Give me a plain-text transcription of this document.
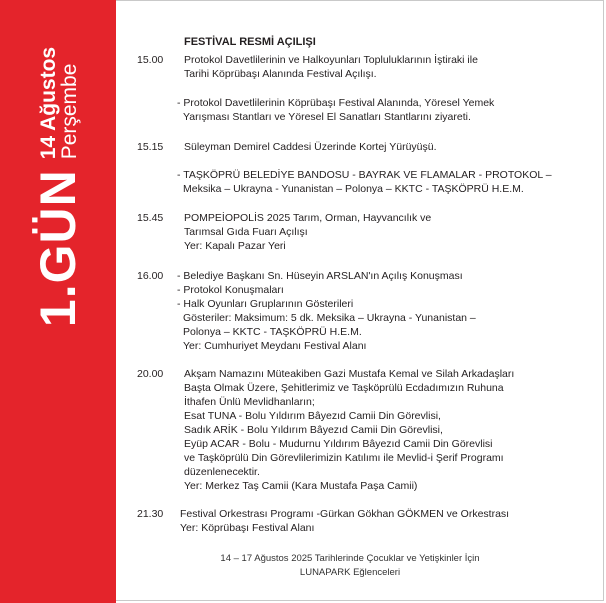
1.GÜN
14 Ağustos
Perşembe
FESTİVAL RESMİ AÇILIŞI
15.00 Protokol Davetlilerinin ve Halkoyunları Topluluklarının İştiraki ile
Tarihi Köprübaşı Alanında Festival Açılışı.
- Protokol Davetlilerinin Köprübaşı Festival Alanında, Yöresel Yemek
Yarışması Stantları ve Yöresel El Sanatları Stantlarını ziyareti.
15.15 Süleyman Demirel Caddesi Üzerinde Kortej Yürüyüşü.
- TAŞKÖPRÜ BELEDİYE BANDOSU - BAYRAK VE FLAMALAR - PROTOKOL –
Meksika – Ukrayna - Yunanistan – Polonya – KKTC - TAŞKÖPRÜ H.E.M.
15.45 POMPEİOPOLİS 2025 Tarım, Orman, Hayvancılık ve
Tarımsal Gıda Fuarı Açılışı
Yer: Kapalı Pazar Yeri
16.00 - Belediye Başkanı Sn. Hüseyin ARSLAN'ın Açılış Konuşması
- Protokol Konuşmaları
- Halk Oyunları Gruplarının Gösterileri
Gösteriler: Maksimum: 5 dk. Meksika – Ukrayna - Yunanistan –
Polonya – KKTC - TAŞKÖPRÜ H.E.M.
Yer: Cumhuriyet Meydanı Festival Alanı
20.00 Akşam Namazını Müteakiben Gazi Mustafa Kemal ve Silah Arkadaşları
Başta Olmak Üzere, Şehitlerimiz ve Taşköprülü Ecdadımızın Ruhuna
İthafen Ünlü Mevlidhanların;
Esat TUNA - Bolu Yıldırım Bâyezıd Camii Din Görevlisi,
Sadık ARİK - Bolu Yıldırım Bâyezıd Camii Din Görevlisi,
Eyüp ACAR - Bolu - Mudurnu Yıldırım Bâyezıd Camii Din Görevlisi
ve Taşköprülü Din Görevlilerimizin Katılımı ile Mevlid-i Şerif Programı
düzenlenecektir.
Yer: Merkez Taş Camii (Kara Mustafa Paşa Camii)
21.30 Festival Orkestrası Programı -Gürkan Gökhan GÖKMEN ve Orkestrası
Yer: Köprübaşı Festival Alanı
14 – 17 Ağustos 2025 Tarihlerinde Çocuklar ve Yetişkinler İçin
LUNAPARK Eğlenceleri
